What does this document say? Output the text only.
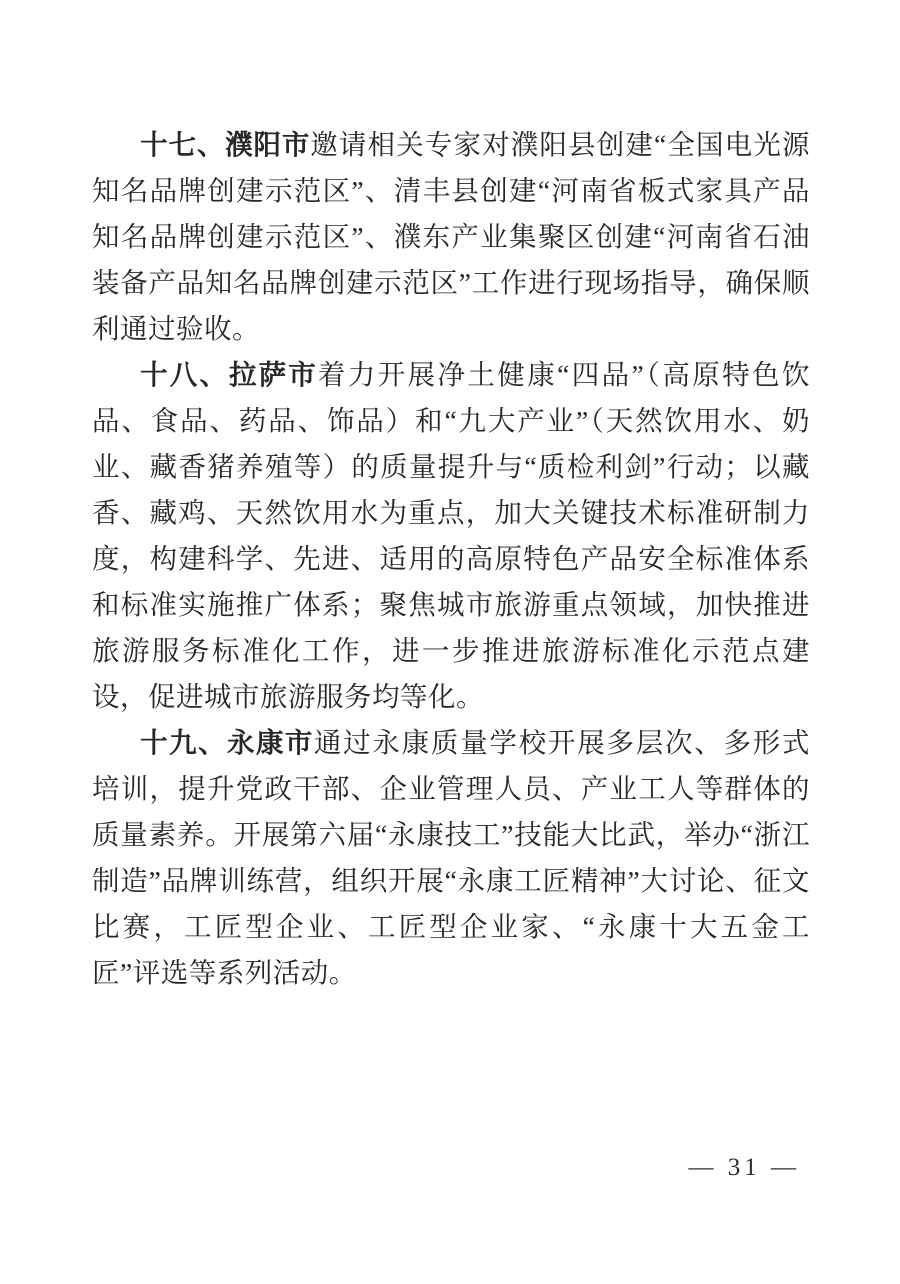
十七、濮阳市邀请相关专家对濮阳县创建“全国电光源知名品牌创建示范区”、清丰县创建“河南省板式家具产品知名品牌创建示范区”、濮东产业集聚区创建“河南省石油装备产品知名品牌创建示范区”工作进行现场指导，确保顺利通过验收。

十八、拉萨市着力开展净土健康“四品”（高原特色饮品、食品、药品、饰品）和“九大产业”（天然饮用水、奶业、藏香猪养殖等）的质量提升与“质检利剑”行动；以藏香、藏鸡、天然饮用水为重点，加大关键技术标准研制力度，构建科学、先进、适用的高原特色产品安全标准体系和标准实施推广体系；聚焦城市旅游重点领域，加快推进旅游服务标准化工作，进一步推进旅游标准化示范点建设，促进城市旅游服务均等化。

十九、永康市通过永康质量学校开展多层次、多形式培训，提升党政干部、企业管理人员、产业工人等群体的质量素养。开展第六届“永康技工”技能大比武，举办“浙江制造”品牌训练营，组织开展“永康工匠精神”大讨论、征文比赛，工匠型企业、工匠型企业家、“永康十大五金工匠”评选等系列活动。

— 31 —
